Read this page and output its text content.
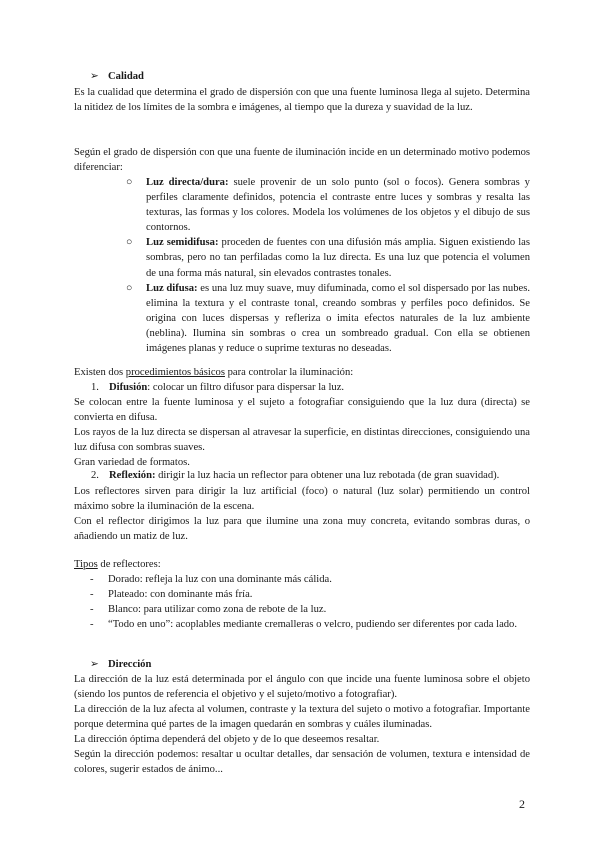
➢ Calidad
Es la cualidad que determina el grado de dispersión con que una fuente luminosa llega al sujeto. Determina la nitidez de los límites de la sombra e imágenes, al tiempo que la dureza y suavidad de la luz.
Según el grado de dispersión con que una fuente de iluminación incide en un determinado motivo podemos diferenciar:
○ Luz directa/dura: suele provenir de un solo punto (sol o focos). Genera sombras y perfiles claramente definidos, potencia el contraste entre luces y sombras y resalta las texturas, las formas y los colores. Modela los volúmenes de los objetos y el dibujo de sus contornos.
○ Luz semidifusa: proceden de fuentes con una difusión más amplia. Siguen existiendo las sombras, pero no tan perfiladas como la luz directa. Es una luz que potencia el volumen de una forma más natural, sin elevados contrastes tonales.
○ Luz difusa: es una luz muy suave, muy difuminada, como el sol dispersado por las nubes. elimina la textura y el contraste tonal, creando sombras y perfiles poco definidos. Se origina con luces dispersas y refleriza o imita efectos naturales de la luz ambiente (neblina). Ilumina sin sombras o crea un sombreado gradual. Con ella se obtienen imágenes planas y reduce o suprime texturas no deseadas.
Existen dos procedimientos básicos para controlar la iluminación:
1. Difusión: colocar un filtro difusor para dispersar la luz.
Se colocan entre la fuente luminosa y el sujeto a fotografiar consiguiendo que la luz dura (directa) se convierta en difusa.
Los rayos de la luz directa se dispersan al atravesar la superficie, en distintas direcciones, consiguiendo una luz difusa con sombras suaves.
Gran variedad de formatos.
2. Reflexión: dirigir la luz hacia un reflector para obtener una luz rebotada (de gran suavidad).
Los reflectores sirven para dirigir la luz artificial (foco) o natural (luz solar) permitiendo un control máximo sobre la iluminación de la escena.
Con el reflector dirigimos la luz para que ilumine una zona muy concreta, evitando sombras duras, o añadiendo un matiz de luz.
Tipos de reflectores:
- Dorado: refleja la luz con una dominante más cálida.
- Plateado: con dominante más fría.
- Blanco: para utilizar como zona de rebote de la luz.
- “Todo en uno”: acoplables mediante cremalleras o velcro, pudiendo ser diferentes por cada lado.
➢ Dirección
La dirección de la luz está determinada por el ángulo con que incide una fuente luminosa sobre el objeto (siendo los puntos de referencia el objetivo y el sujeto/motivo a fotografiar).
La dirección de la luz afecta al volumen, contraste y la textura del sujeto o motivo a fotografiar. Importante porque determina qué partes de la imagen quedarán en sombras y cuáles iluminadas.
La dirección óptima dependerá del objeto y de lo que deseemos resaltar.
Según la dirección podemos: resaltar u ocultar detalles, dar sensación de volumen, textura e intensidad de colores, sugerir estados de ánimo...
2
